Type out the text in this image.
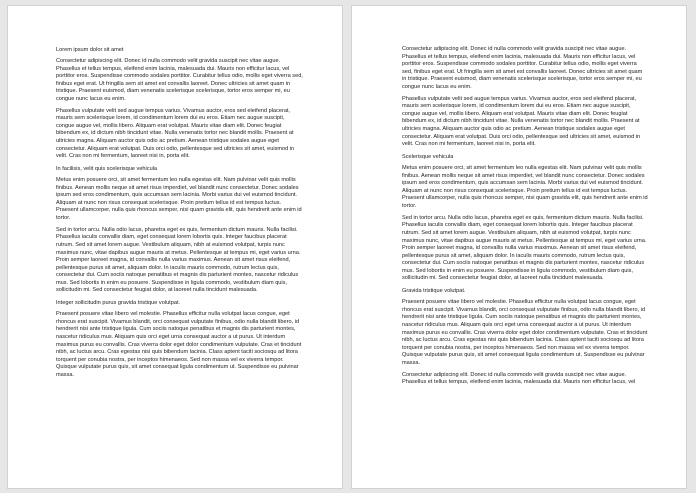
Lorem ipsum dolor sit amet

Consectetur adipiscing elit. Donec id nulla commodo velit gravida suscipit nec vitae augue. Phasellus et tellus tempus, eleifend enim lacinia, malesuada dui. Mauris non efficitur lacus, vel porttitor eros. Suspendisse commodo sodales porttitor. Curabitur tellus odio, mollis eget viverra sed, finibus eget erat. Ut fringilla sem sit amet est convallis laoreet. Donec ultricies sit amet quam in tristique. Praesent euismod, diam venenatis scelerisque scelerisque, tortor eros semper mi, eu congue nunc lacus eu enim.

Phasellus vulputate velit sed augue tempus varius. Vivamus auctor, eros sed eleifend placerat, mauris sem scelerisque lorem, id condimentum lorem dui eu eros. Etiam nec augue suscipit, congue augue vel, mollis libero. Aliquam erat volutpat. Mauris vitae diam elit. Donec feugiat bibendum ex, id dictum nibh tincidunt vitae. Nulla venenatis tortor nec blandit mollis. Praesent at ultricies magna. Aliquam auctor quis odio ac pretium. Aenean tristique sodales augue eget consectetur. Aliquam erat volutpat. Duis orci odio, pellentesque sed ultricies sit amet, euismod in velit. Cras non mi fermentum, laoreet nisi in, porta elit.

In facilisis, velit quis scelerisque vehicula

Metus enim posuere orci, sit amet fermentum leo nulla egestas elit. Nam pulvinar velit quis mollis finibus. Aenean mollis neque sit amet risus imperdiet, vel blandit nunc consectetur. Donec sodales ipsum sed eros condimentum, quis accumsan sem lacinia. Morbi varius dui vel euismod tincidunt. Aliquam at nunc non risus consequat scelerisque. Proin pretium tellus id est tempus luctus. Praesent ullamcorper, nulla quis rhoncus semper, nisi quam gravida elit, quis hendrerit ante enim id tortor.

Sed in tortor arcu. Nulla odio lacus, pharetra eget ex quis, fermentum dictum mauris. Nulla facilisi. Phasellus iaculis convallis diam, eget consequat lorem lobortis quis. Integer faucibus placerat rutrum. Sed sit amet lorem augue. Vestibulum aliquam, nibh at euismod volutpat, turpis nunc maximus nunc, vitae dapibus augue mauris at metus. Pellentesque at tempus mi, eget varius urna. Proin semper laoreet magna, id convallis nulla varius maximus. Aenean sit amet risus eleifend, pellentesque purus sit amet, aliquam dolor. In iaculis mauris commodo, rutrum lectus quis, consectetur dui. Cum sociis natoque penatibus et magnis dis parturient montes, nascetur ridiculus mus. Sed lobortis in enim eu posuere. Suspendisse in ligula commodo, vestibulum diam quis, sollicitudin mi. Sed consectetur feugiat dolor, at laoreet nulla tincidunt malesuada.

Integer sollicitudin purus gravida tristique volutpat.

Praesent posuere vitae libero vel molestie. Phasellus efficitur nulla volutpat lacus congue, eget rhoncus erat suscipit. Vivamus blandit, orci consequat vulputate finibus, odio nulla blandit libero, id hendrerit nisi ante tristique ligula. Cum sociis natoque penatibus et magnis dis parturient montes, nascetur ridiculus mus. Aliquam quis orci eget urna consequat auctor a ut purus. Ut interdum maximus purus eu convallis. Cras viverra dolor eget dolor condimentum vulputate. Cras et tincidunt nibh, ac luctus arcu. Cras egestas nisi quis bibendum lacinia. Class aptent taciti sociosqu ad litora torquent per conubia nostra, per inceptos himenaeos. Sed non massa vel ex viverra tempor. Quisque vulputate purus quis, sit amet consequat ligula condimentum ut. Suspendisse eu pulvinar massa.

Consectetur adipiscing elit. Donec id nulla commodo velit gravida suscipit nec vitae augue. Phasellus et tellus tempus, eleifend enim lacinia, malesuada dui. Mauris non efficitur lacus, vel porttitor eros. Suspendisse commodo sodales porttitor. Curabitur tellus odio, mollis eget viverra sed, finibus eget erat. Ut fringilla sem sit amet est convallis laoreet. Donec ultricies sit amet quam in tristique. Praesent euismod, diam venenatis scelerisque scelerisque, tortor eros semper mi, eu congue nunc lacus eu enim.

Phasellus vulputate velit sed augue tempus varius. Vivamus auctor, eros sed eleifend placerat, mauris sem scelerisque lorem, id condimentum lorem dui eu eros. Etiam nec augue suscipit, congue augue vel, mollis libero. Aliquam erat volutpat. Mauris vitae diam elit. Donec feugiat bibendum ex, id dictum nibh tincidunt vitae. Nulla venenatis tortor nec blandit mollis. Praesent at ultricies magna. Aliquam auctor quis odio ac pretium. Aenean tristique sodales augue eget consectetur. Aliquam erat volutpat. Duis orci odio, pellentesque sed ultricies sit amet, euismod in velit. Cras non mi fermentum, laoreet nisi in, porta elit.

Scelerisque vehicula

Metus enim posuere orci, sit amet fermentum leo nulla egestas elit. Nam pulvinar velit quis mollis finibus. Aenean mollis neque sit amet risus imperdiet, vel blandit nunc consectetur. Donec sodales ipsum sed eros condimentum, quis accumsan sem lacinia. Morbi varius dui vel euismod tincidunt. Aliquam at nunc non risus consequat scelerisque. Proin pretium tellus id est tempus luctus. Praesent ullamcorper, nulla quis rhoncus semper, nisi quam gravida elit, quis hendrerit ante enim id tortor.

Sed in tortor arcu. Nulla odio lacus, pharetra eget ex quis, fermentum dictum mauris. Nulla facilisi. Phasellus iaculis convallis diam, eget consequat lorem lobortis quis. Integer faucibus placerat rutrum. Sed sit amet lorem augue. Vestibulum aliquam, nibh at euismod volutpat, turpis nunc maximus nunc, vitae dapibus augue mauris at metus. Pellentesque at tempus mi, eget varius urna. Proin semper laoreet magna, id convallis nulla varius maximus. Aenean sit amet risus eleifend, pellentesque purus sit amet, aliquam dolor. In iaculis mauris commodo, rutrum lectus quis, consectetur dui. Cum sociis natoque penatibus et magnis dis parturient montes, nascetur ridiculus mus. Sed lobortis in enim eu posuere. Suspendisse in ligula commodo, vestibulum diam quis, sollicitudin mi. Sed consectetur feugiat dolor, at laoreet nulla tincidunt malesuada.

Gravida tristique volutpat.

Praesent posuere vitae libero vel molestie. Phasellus efficitur nulla volutpat lacus congue, eget rhoncus erat suscipit. Vivamus blandit, orci consequat vulputate finibus, odio nulla blandit libero, id hendrerit nisi ante tristique ligula. Cum sociis natoque penatibus et magnis dis parturient montes, nascetur ridiculus mus. Aliquam quis orci eget urna consequat auctor a ut purus. Ut interdum maximus purus eu convallis. Cras viverra dolor eget dolor condimentum vulputate. Cras et tincidunt nibh, ac luctus arcu. Cras egestas nisi quis bibendum lacinia. Class aptent taciti sociosqu ad litora torquent per conubia nostra, per inceptos himenaeos. Sed non massa vel ex viverra tempor. Quisque vulputate purus quis, sit amet consequat ligula condimentum ut. Suspendisse eu pulvinar massa.

Consectetur adipiscing elit. Donec id nulla commodo velit gravida suscipit nec vitae augue. Phasellus et tellus tempus, eleifend enim lacinia, malesuada dui. Mauris non efficitur lacus, vel
